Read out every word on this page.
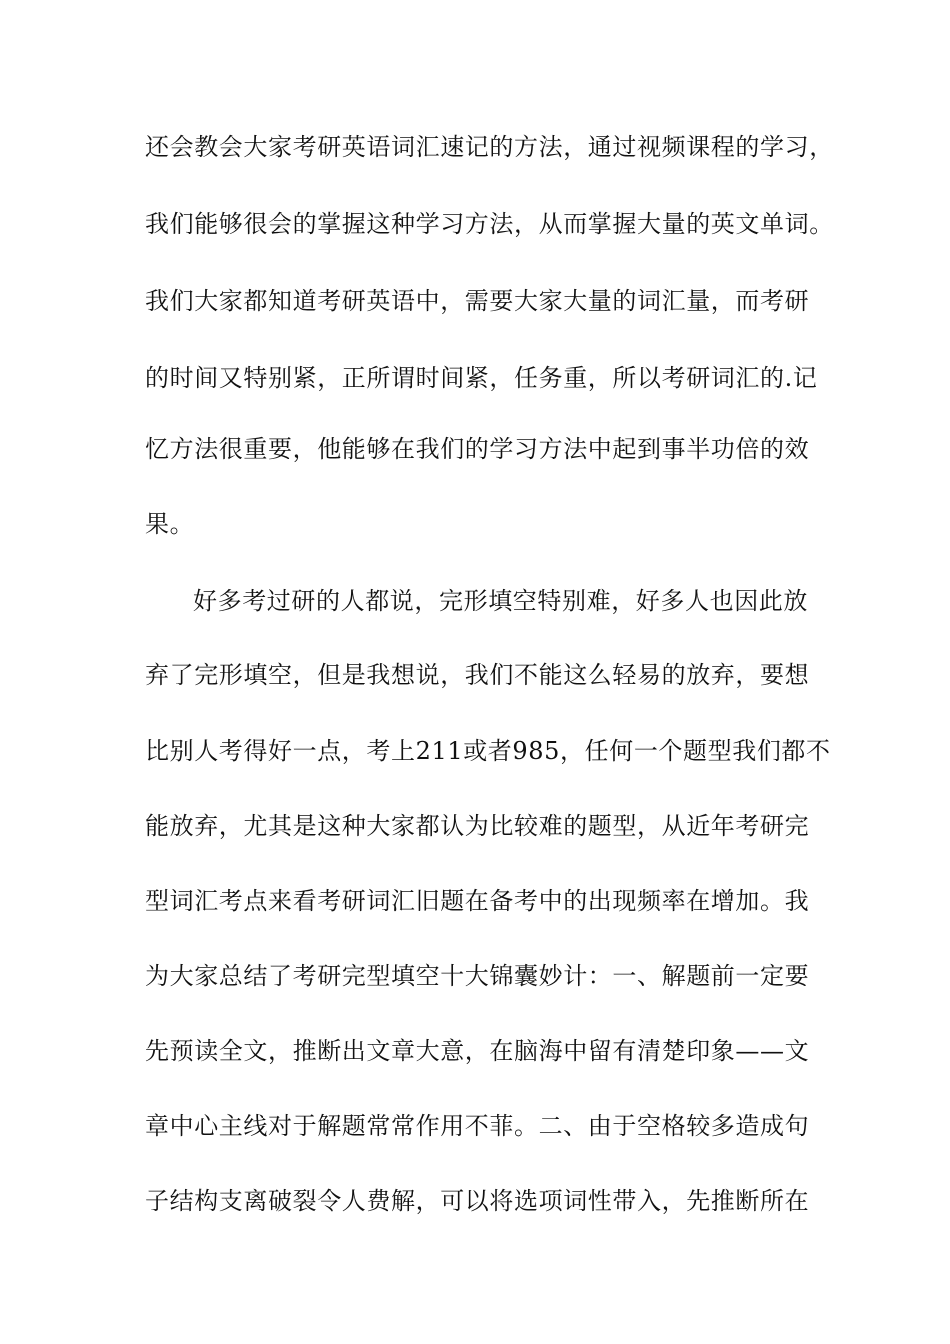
还会教会大家考研英语词汇速记的方法，通过视频课程的学习，
我们能够很会的掌握这种学习方法，从而掌握大量的英文单词。
我们大家都知道考研英语中，需要大家大量的词汇量，而考研
的时间又特别紧，正所谓时间紧，任务重，所以考研词汇的.记
忆方法很重要，他能够在我们的学习方法中起到事半功倍的效
果。
好多考过研的人都说，完形填空特别难，好多人也因此放
弃了完形填空，但是我想说，我们不能这么轻易的放弃，要想
比别人考得好一点，考上211或者985，任何一个题型我们都不
能放弃，尤其是这种大家都认为比较难的题型，从近年考研完
型词汇考点来看考研词汇旧题在备考中的出现频率在增加。我
为大家总结了考研完型填空十大锦囊妙计：一、解题前一定要
先预读全文，推断出文章大意，在脑海中留有清楚印象——文
章中心主线对于解题常常作用不菲。二、由于空格较多造成句
子结构支离破裂令人费解，可以将选项词性带入，先推断所在
